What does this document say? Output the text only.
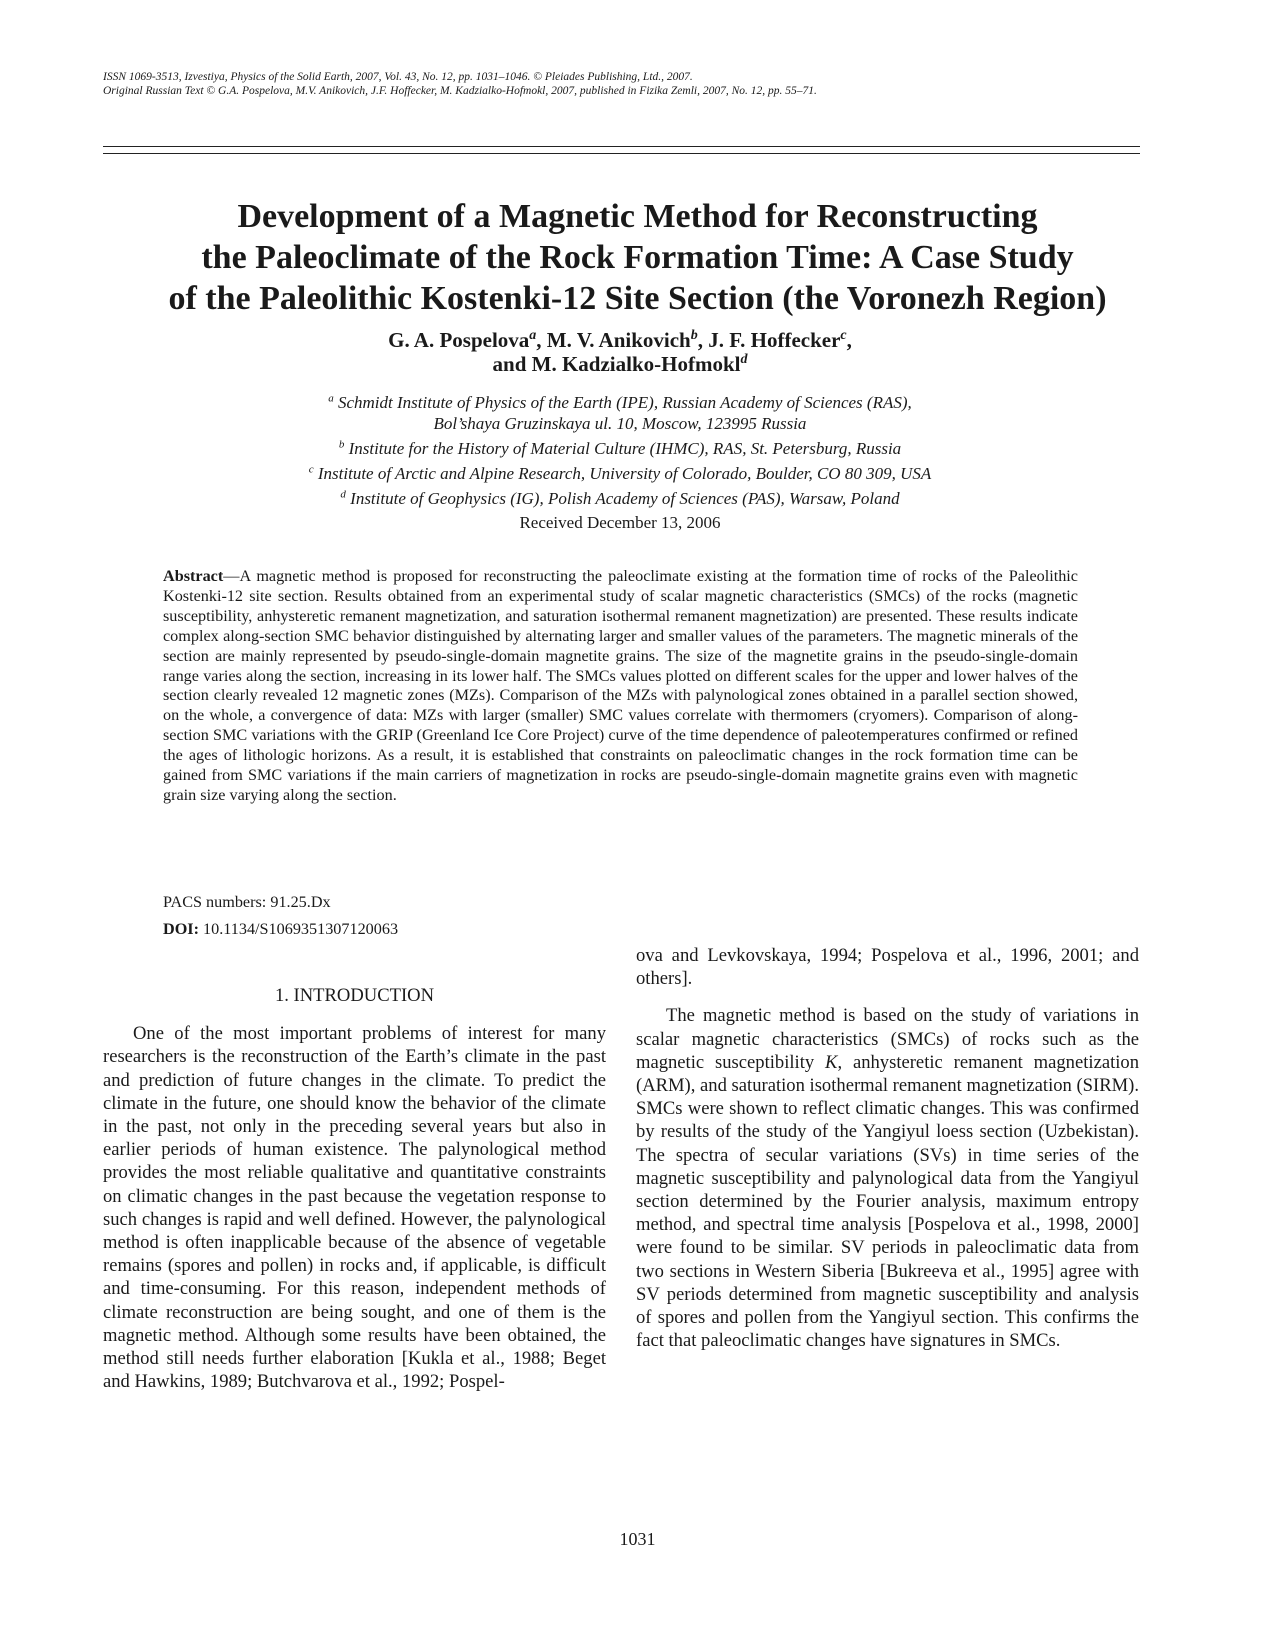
ISSN 1069-3513, Izvestiya, Physics of the Solid Earth, 2007, Vol. 43, No. 12, pp. 1031–1046. © Pleiades Publishing, Ltd., 2007.
Original Russian Text © G.A. Pospelova, M.V. Anikovich, J.F. Hoffecker, M. Kadzialko-Hofmokl, 2007, published in Fizika Zemli, 2007, No. 12, pp. 55–71.
Development of a Magnetic Method for Reconstructing
the Paleoclimate of the Rock Formation Time: A Case Study
of the Paleolithic Kostenki-12 Site Section (the Voronezh Region)
G. A. Pospelova$^a$, M. V. Anikovich$^b$, J. F. Hoffecker$^c$,
and M. Kadzialko-Hofmokl$^d$
$^a$ Schmidt Institute of Physics of the Earth (IPE), Russian Academy of Sciences (RAS),
Bol’shaya Gruzinskaya ul. 10, Moscow, 123995 Russia
$^b$ Institute for the History of Material Culture (IHMC), RAS, St. Petersburg, Russia
$^c$ Institute of Arctic and Alpine Research, University of Colorado, Boulder, CO 80 309, USA
$^d$ Institute of Geophysics (IG), Polish Academy of Sciences (PAS), Warsaw, Poland
Received December 13, 2006
Abstract—A magnetic method is proposed for reconstructing the paleoclimate existing at the formation time of rocks of the Paleolithic Kostenki-12 site section. Results obtained from an experimental study of scalar magnetic characteristics (SMCs) of the rocks (magnetic susceptibility, anhysteretic remanent magnetization, and saturation isothermal remanent magnetization) are presented. These results indicate complex along-section SMC behavior distinguished by alternating larger and smaller values of the parameters. The magnetic minerals of the section are mainly represented by pseudo-single-domain magnetite grains. The size of the magnetite grains in the pseudo-single-domain range varies along the section, increasing in its lower half. The SMCs values plotted on different scales for the upper and lower halves of the section clearly revealed 12 magnetic zones (MZs). Comparison of the MZs with palynological zones obtained in a parallel section showed, on the whole, a convergence of data: MZs with larger (smaller) SMC values correlate with thermomers (cryomers). Comparison of along-section SMC variations with the GRIP (Greenland Ice Core Project) curve of the time dependence of paleotemperatures confirmed or refined the ages of lithologic horizons. As a result, it is established that constraints on paleoclimatic changes in the rock formation time can be gained from SMC variations if the main carriers of magnetization in rocks are pseudo-single-domain magnetite grains even with magnetic grain size varying along the section.
PACS numbers: 91.25.Dx
DOI: 10.1134/S1069351307120063
1. INTRODUCTION

One of the most important problems of interest for many researchers is the reconstruction of the Earth’s climate in the past and prediction of future changes in the climate. To predict the climate in the future, one should know the behavior of the climate in the past, not only in the preceding several years but also in earlier periods of human existence. The palynological method provides the most reliable qualitative and quantitative constraints on climatic changes in the past because the vegetation response to such changes is rapid and well defined. However, the palynological method is often inapplicable because of the absence of vegetable remains (spores and pollen) in rocks and, if applicable, is difficult and time-consuming. For this reason, independent methods of climate reconstruction are being sought, and one of them is the magnetic method. Although some results have been obtained, the method still needs further elaboration [Kukla et al., 1988; Beget and Hawkins, 1989; Butchvarova et al., 1992; Pospel-

ova and Levkovskaya, 1994; Pospelova et al., 1996, 2001; and others].

The magnetic method is based on the study of variations in scalar magnetic characteristics (SMCs) of rocks such as the magnetic susceptibility K, anhysteretic remanent magnetization (ARM), and saturation isothermal remanent magnetization (SIRM). SMCs were shown to reflect climatic changes. This was confirmed by results of the study of the Yangiyul loess section (Uzbekistan). The spectra of secular variations (SVs) in time series of the magnetic susceptibility and palynological data from the Yangiyul section determined by the Fourier analysis, maximum entropy method, and spectral time analysis [Pospelova et al., 1998, 2000] were found to be similar. SV periods in paleoclimatic data from two sections in Western Siberia [Bukreeva et al., 1995] agree with SV periods determined from magnetic susceptibility and analysis of spores and pollen from the Yangiyul section. This confirms the fact that paleoclimatic changes have signatures in SMCs.

1031
